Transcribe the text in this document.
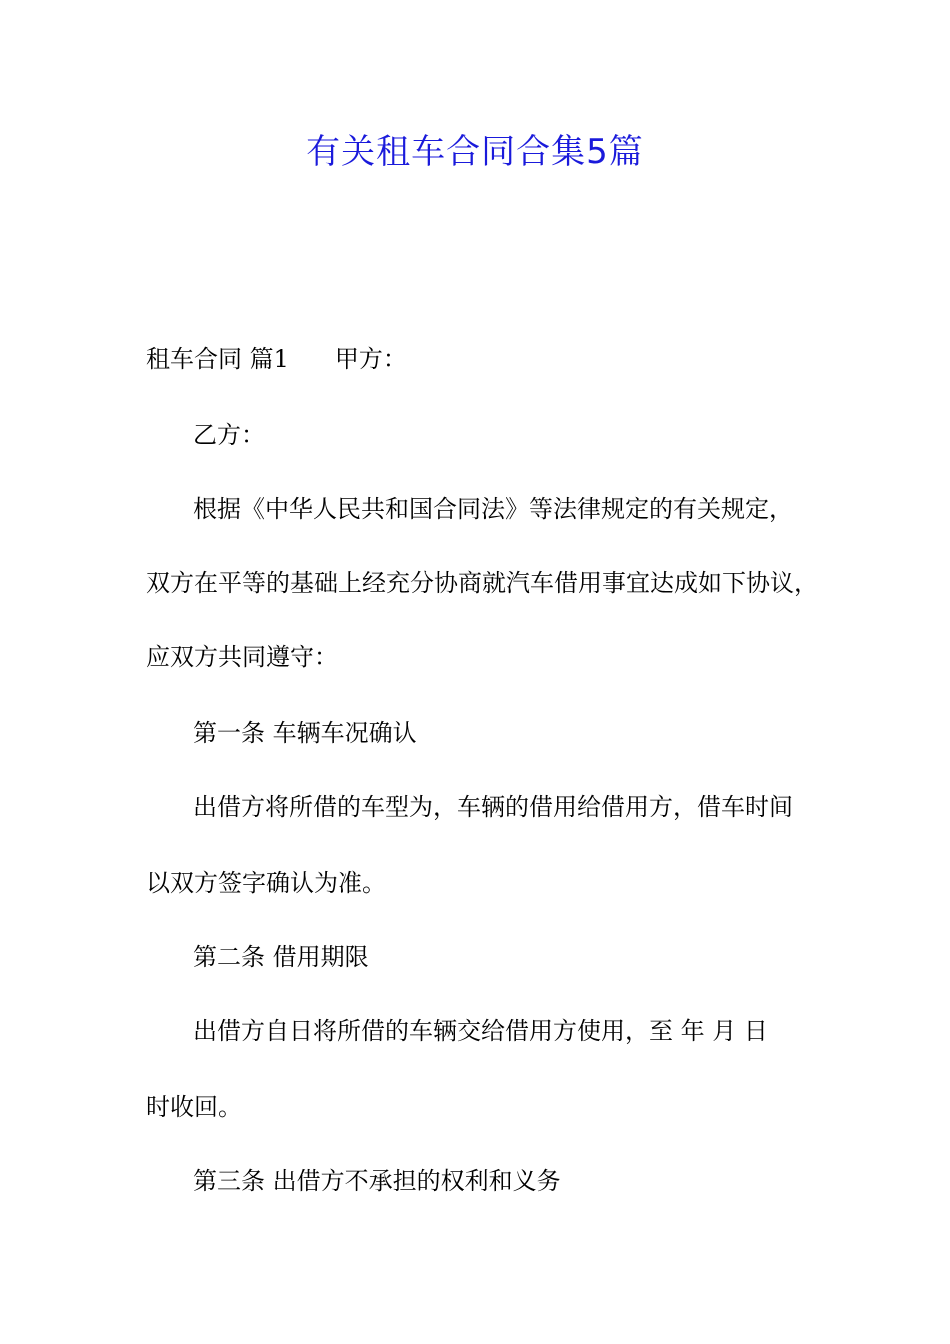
有关租车合同合集5篇
租车合同 篇1 甲方：
乙方：
根据《中华人民共和国合同法》等法律规定的有关规定，
双方在平等的基础上经充分协商就汽车借用事宜达成如下协议，
应双方共同遵守：
第一条 车辆车况确认
出借方将所借的车型为，车辆的借用给借用方，借车时间
以双方签字确认为准。
第二条 借用期限
出借方自日将所借的车辆交给借用方使用，至 年 月 日
时收回。
第三条 出借方不承担的权利和义务
